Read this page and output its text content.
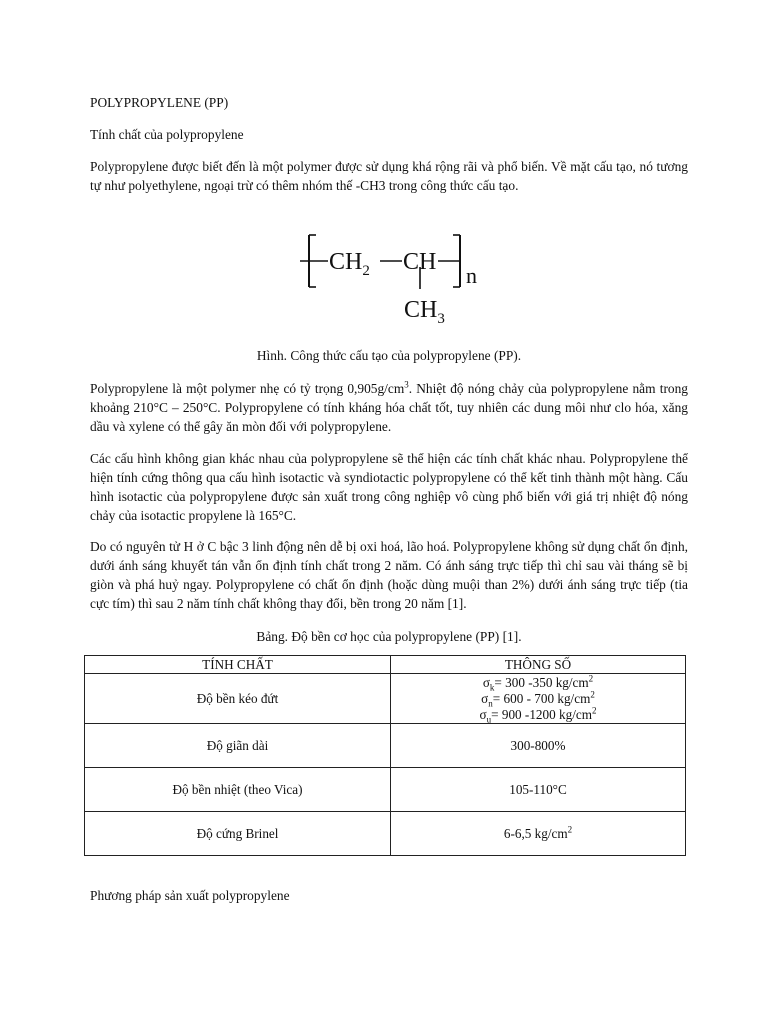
POLYPROPYLENE (PP)

Tính chất của polypropylene

Polypropylene được biết đến là một polymer được sử dụng khá rộng rãi và phổ biến. Về mặt cấu tạo, nó tương tự như polyethylene, ngoại trừ có thêm nhóm thế -CH3 trong công thức cấu tạo.

Hình. Công thức cấu tạo của polypropylene (PP).

Polypropylene là một polymer nhẹ có tỷ trọng $0,905g/cm^3$. Nhiệt độ nóng chảy của polypropylene nằm trong khoảng 210°C – 250°C. Polypropylene có tính kháng hóa chất tốt, tuy nhiên các dung môi như clo hóa, xăng dầu và xylene có thể gây ăn mòn đối với polypropylene.

Các cấu hình không gian khác nhau của polypropylene sẽ thể hiện các tính chất khác nhau. Polypropylene thể hiện tính cứng thông qua cấu hình isotactic và syndiotactic polypropylene có thể kết tinh thành một hàng. Cấu hình isotactic của polypropylene được sản xuất trong công nghiệp vô cùng phổ biến với giá trị nhiệt độ nóng chảy của isotactic propylene là 165°C.

Do có nguyên tử H ở C bậc 3 linh động nên dễ bị oxi hoá, lão hoá. Polypropylene không sử dụng chất ổn định, dưới ánh sáng khuyết tán vẫn ổn định tính chất trong 2 năm. Có ánh sáng trực tiếp thì chỉ sau vài tháng sẽ bị giòn và phá huỷ ngay. Polypropylene có chất ổn định (hoặc dùng muội than 2%) dưới ánh sáng trực tiếp (tia cực tím) thì sau 2 năm tính chất không thay đổi, bền trong 20 năm [1].

Bảng. Độ bền cơ học của polypropylene (PP) [1].

Phương pháp sản xuất polypropylene

$CH_2$ CH
n
$CH_3$
TÍNH CHẤT	THÔNG SỐ
Độ bền kéo đứt	$\sigma_k= 300$ -350 $kg/cm^2$
$\sigma_n= 600 - 700$ $kg/cm^2$
$\sigma_u= 900$ -1200 $kg/cm^2$

Độ giãn dài	300-800%
Độ bền nhiệt (theo Vica)	105-110°C
Độ cứng Brinel	6-6,5 $kg/cm^2$
